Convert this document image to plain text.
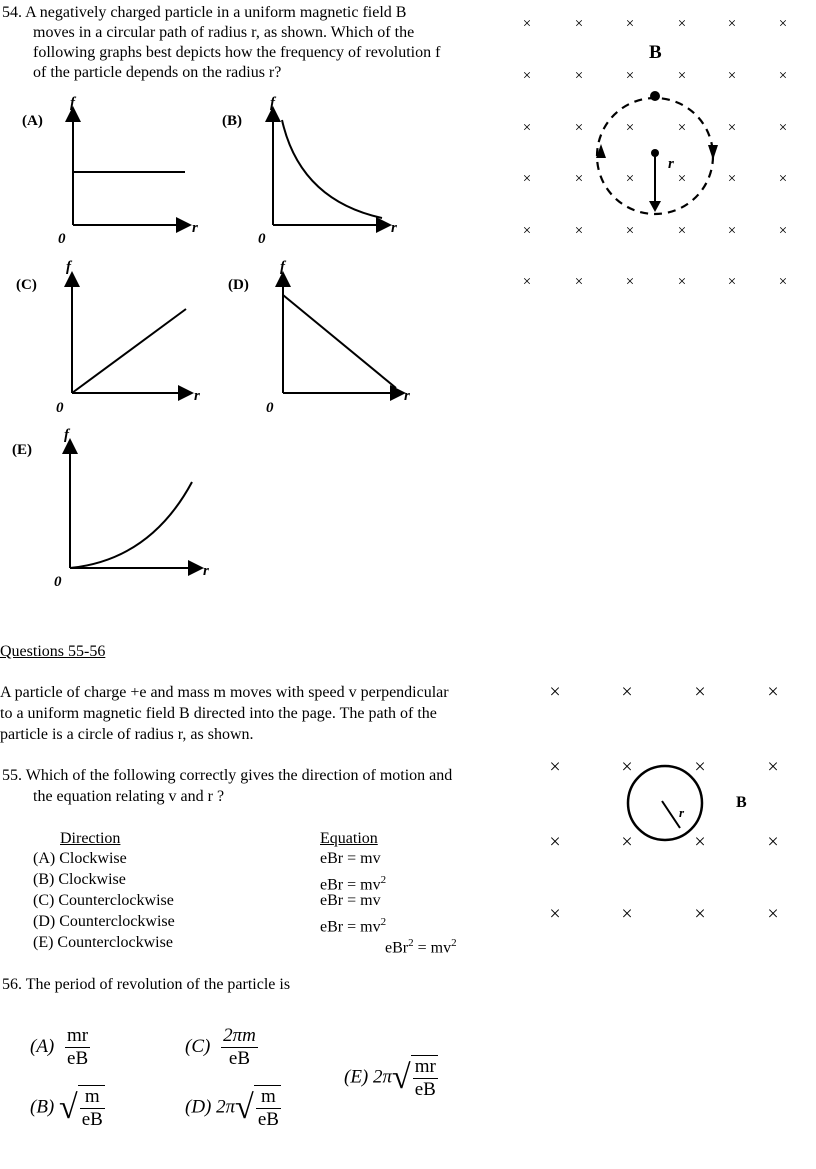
54. A negatively charged particle in a uniform magnetic field B
moves in a circular path of radius r, as shown. Which of the
following graphs best depicts how the frequency of revolution f
of the particle depends on the radius r?
(A)
f
r
0
(B)
f
r
0
(C)
f
r
0
(D)
f
r
0
(E)
f
r
0
×	×	×	×	×	×
×	×	×	×	×	×
×	×	×	×	×	×
×	×	×	×	×	×
×	×	×	×	×	×
×	×	×	×	×	×
B
r
Questions 55-56
A particle of charge +e and mass m moves with speed v perpendicular
to a uniform magnetic field B directed into the page. The path of the
particle is a circle of radius r, as shown.
55. Which of the following correctly gives the direction of motion and
the equation relating v and r ?
Direction	Equation
(A) Clockwise	eBr = mv
(B) Clockwise	eBr = $mv^2$
(C) Counterclockwise	eBr = mv
(D) Counterclockwise	eBr = $mv^2$
(E) Counterclockwise	$eBr^2 = mv^2$
×	×	×	×
×	×	×	×
×	×	×	×
×	×	×	×
r
B
56. The period of revolution of the particle is
$(A) \frac{mr}{eB}$
(B) √ $\frac{m}{eB}$
$(C) \frac{2\pi m}{eB}$
(D) $2\pi√ \frac{m}{eB}$
(E) $2\pi√ \frac{mr}{eB}$
